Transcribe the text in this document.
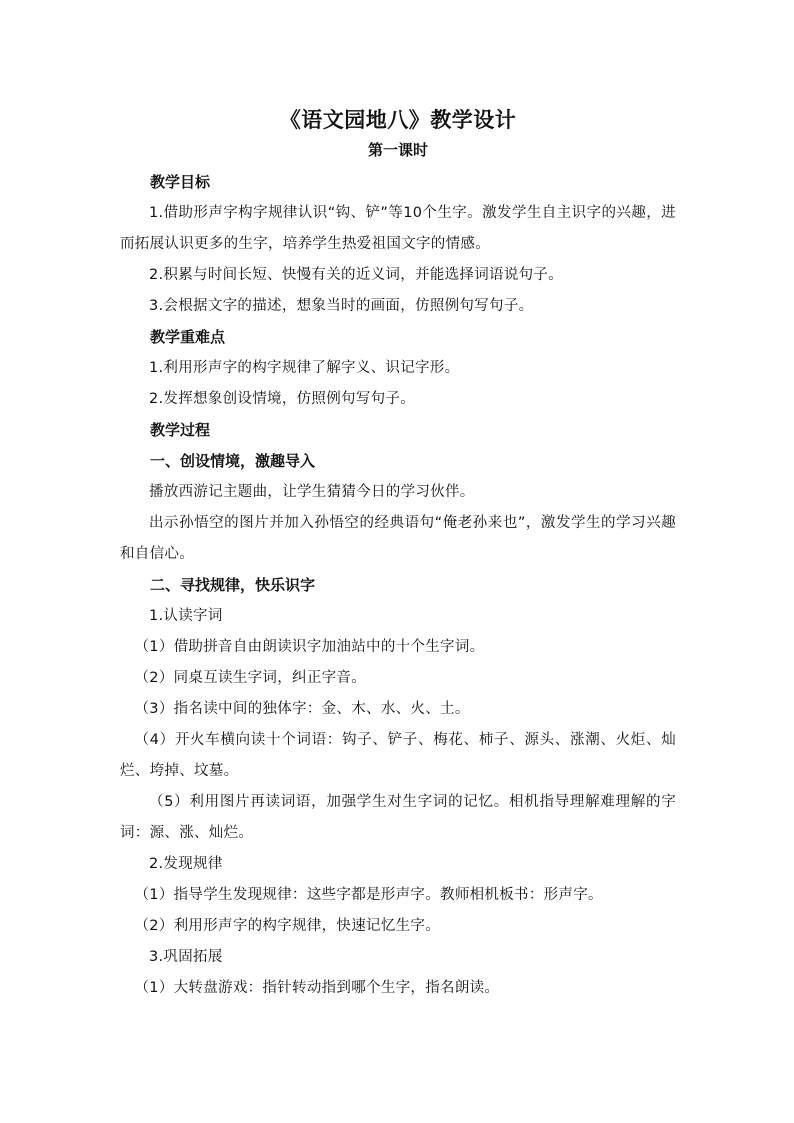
《语文园地八》教学设计
第一课时
教学目标

1.借助形声字构字规律认识“钩、铲”等10个生字。激发学生自主识字的兴趣，进而拓展认识更多的生字，培养学生热爱祖国文字的情感。

2.积累与时间长短、快慢有关的近义词，并能选择词语说句子。

3.会根据文字的描述，想象当时的画面，仿照例句写句子。

教学重难点

1.利用形声字的构字规律了解字义、识记字形。

2.发挥想象创设情境，仿照例句写句子。

教学过程
一、创设情境，激趣导入

播放西游记主题曲，让学生猜猜今日的学习伙伴。

出示孙悟空的图片并加入孙悟空的经典语句“俺老孙来也”，激发学生的学习兴趣和自信心。

二、寻找规律，快乐识字

1.认读字词

（1）借助拼音自由朗读识字加油站中的十个生字词。

（2）同桌互读生字词，纠正字音。

（3）指名读中间的独体字：金、木、水、火、土。

（4）开火车横向读十个词语：钩子、铲子、梅花、柿子、源头、涨潮、火炬、灿烂、垮掉、坟墓。

（5）利用图片再读词语，加强学生对生字词的记忆。相机指导理解难理解的字词：源、涨、灿烂。

2.发现规律

（1）指导学生发现规律：这些字都是形声字。教师相机板书：形声字。

（2）利用形声字的构字规律，快速记忆生字。

3.巩固拓展

（1）大转盘游戏：指针转动指到哪个生字，指名朗读。
